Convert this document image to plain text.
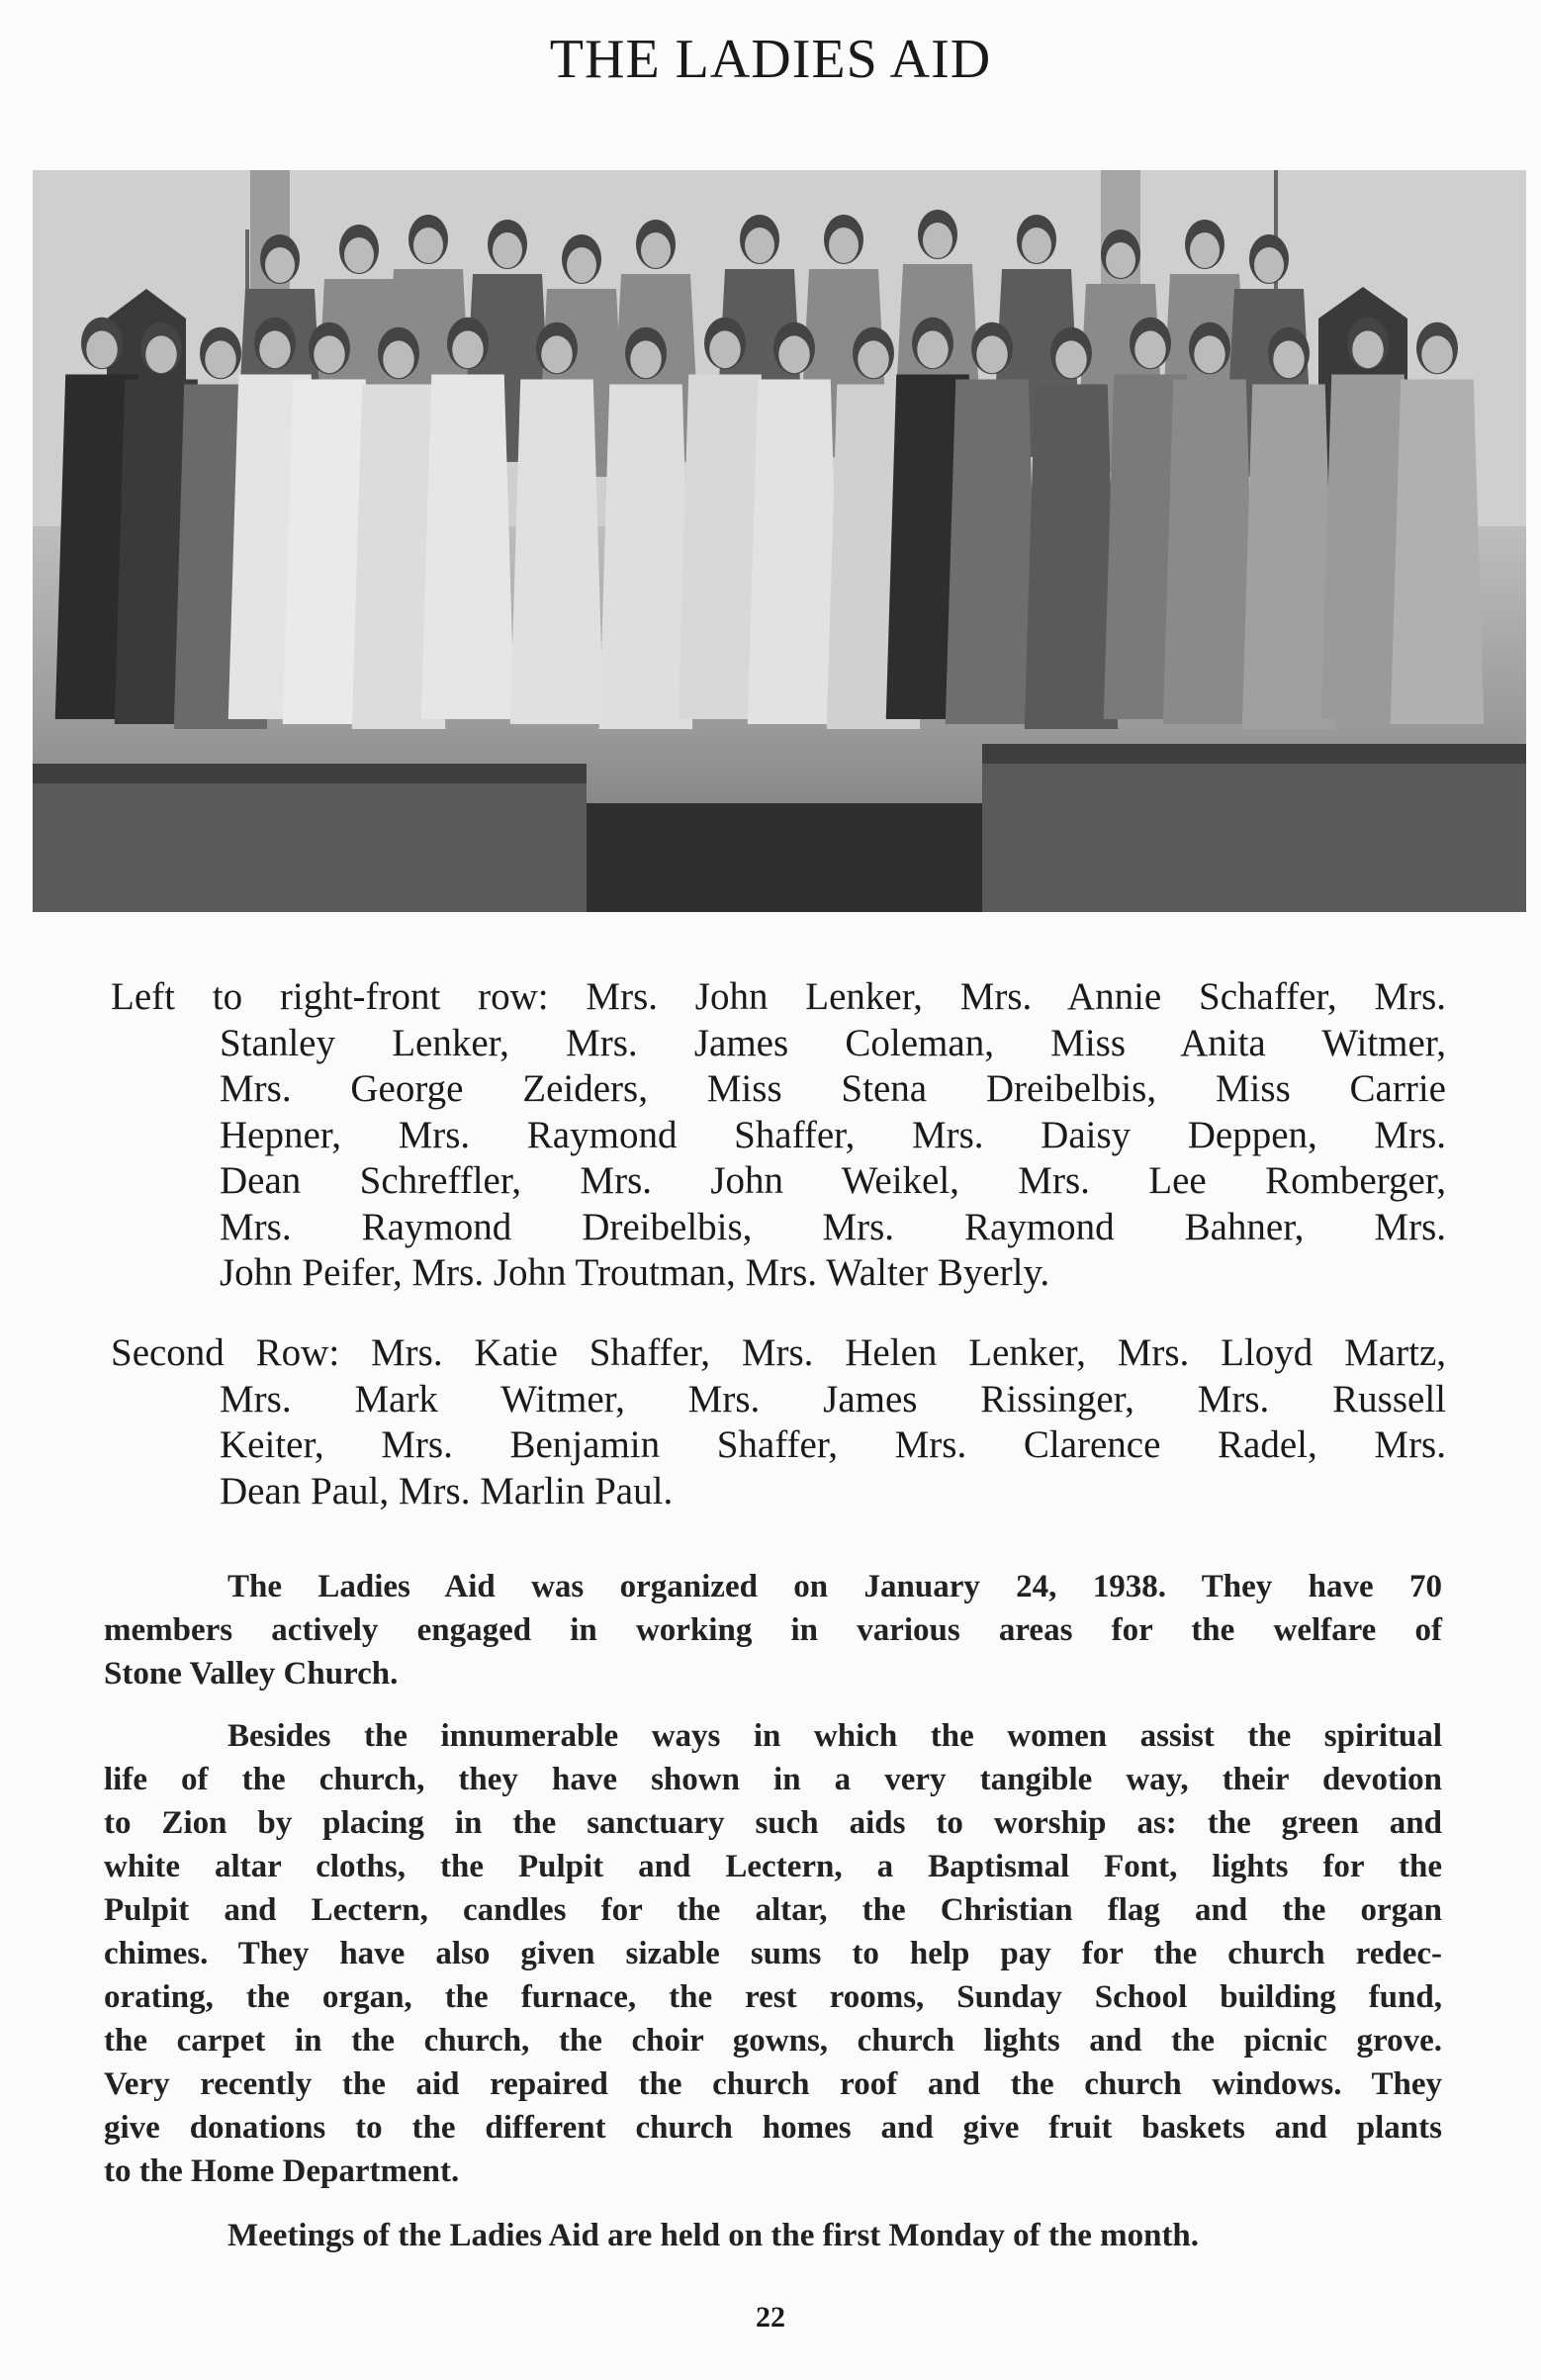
THE LADIES AID
Left to right-front row: Mrs. John Lenker, Mrs. Annie Schaffer, Mrs.
Stanley Lenker, Mrs. James Coleman, Miss Anita Witmer,
Mrs. George Zeiders, Miss Stena Dreibelbis, Miss Carrie
Hepner, Mrs. Raymond Shaffer, Mrs. Daisy Deppen, Mrs.
Dean Schreffler, Mrs. John Weikel, Mrs. Lee Romberger,
Mrs. Raymond Dreibelbis, Mrs. Raymond Bahner, Mrs.
John Peifer, Mrs. John Troutman, Mrs. Walter Byerly.
Second Row: Mrs. Katie Shaffer, Mrs. Helen Lenker, Mrs. Lloyd Martz,
Mrs. Mark Witmer, Mrs. James Rissinger, Mrs. Russell
Keiter, Mrs. Benjamin Shaffer, Mrs. Clarence Radel, Mrs.
Dean Paul, Mrs. Marlin Paul.
The Ladies Aid was organized on January 24, 1938. They have 70
members actively engaged in working in various areas for the welfare of
Stone Valley Church.
Besides the innumerable ways in which the women assist the spiritual
life of the church, they have shown in a very tangible way, their devotion
to Zion by placing in the sanctuary such aids to worship as: the green and
white altar cloths, the Pulpit and Lectern, a Baptismal Font, lights for the
Pulpit and Lectern, candles for the altar, the Christian flag and the organ
chimes. They have also given sizable sums to help pay for the church redec-
orating, the organ, the furnace, the rest rooms, Sunday School building fund,
the carpet in the church, the choir gowns, church lights and the picnic grove.
Very recently the aid repaired the church roof and the church windows. They
give donations to the different church homes and give fruit baskets and plants
to the Home Department.
Meetings of the Ladies Aid are held on the first Monday of the month.
22
